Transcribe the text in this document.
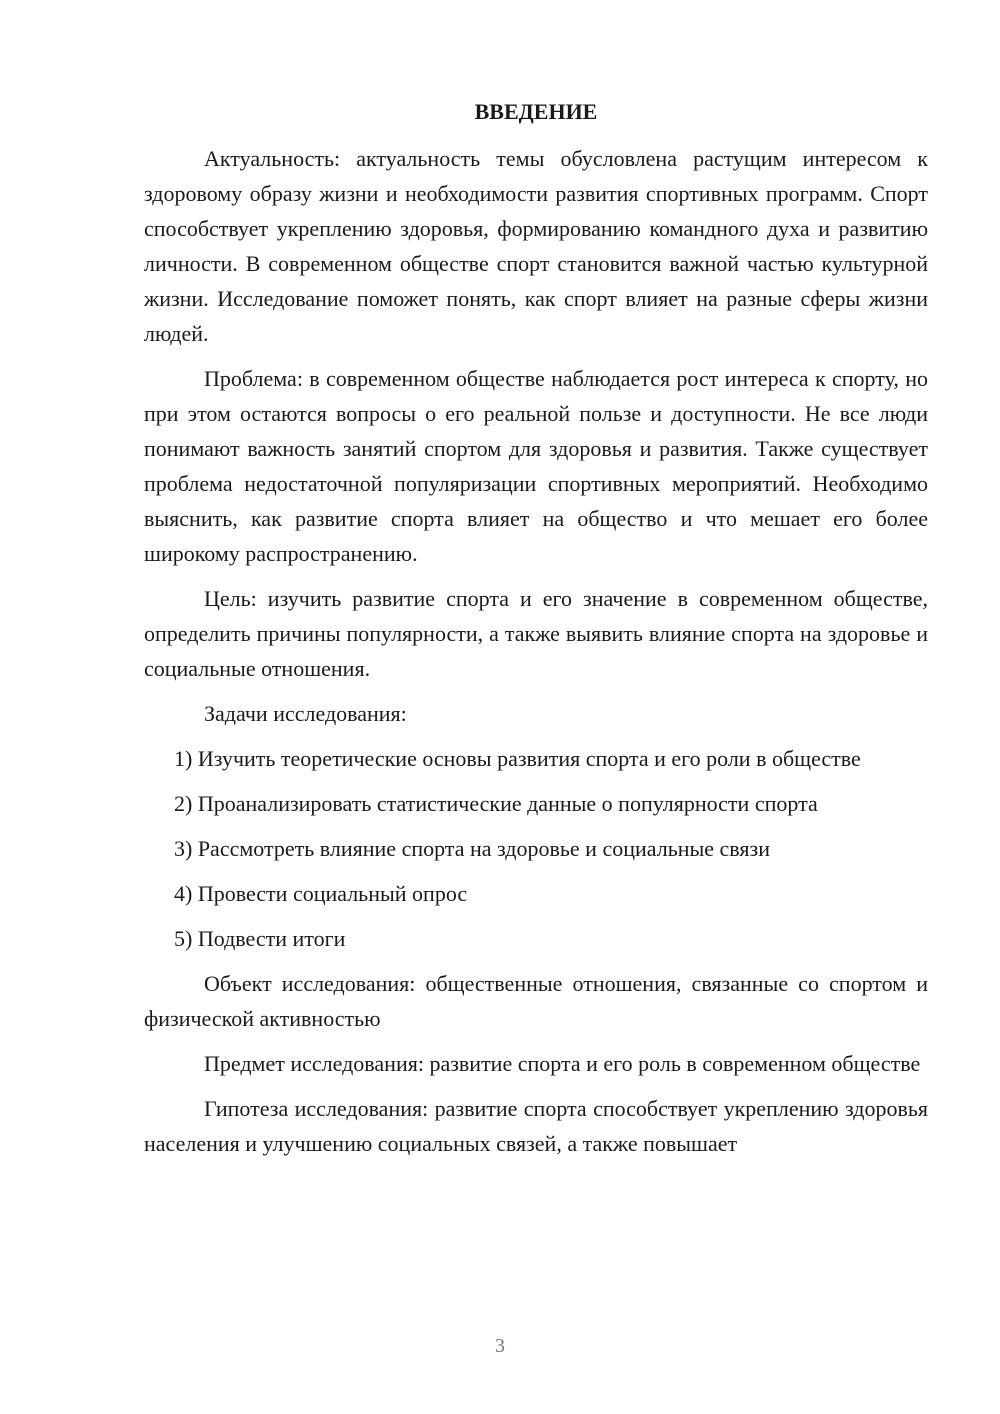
ВВЕДЕНИЕ

Актуальность: актуальность темы обусловлена растущим интересом к здоровому образу жизни и необходимости развития спортивных программ. Спорт способствует укреплению здоровья, формированию командного духа и развитию личности. В современном обществе спорт становится важной частью культурной жизни. Исследование поможет понять, как спорт влияет на разные сферы жизни людей.

Проблема: в современном обществе наблюдается рост интереса к спорту, но при этом остаются вопросы о его реальной пользе и доступности. Не все люди понимают важность занятий спортом для здоровья и развития. Также существует проблема недостаточной популяризации спортивных мероприятий. Необходимо выяснить, как развитие спорта влияет на общество и что мешает его более широкому распространению.

Цель: изучить развитие спорта и его значение в современном обществе, определить причины популярности, а также выявить влияние спорта на здоровье и социальные отношения.

Задачи исследования:

1) Изучить теоретические основы развития спорта и его роли в обществе

2) Проанализировать статистические данные о популярности спорта

3) Рассмотреть влияние спорта на здоровье и социальные связи

4) Провести социальный опрос

5) Подвести итоги

Объект исследования: общественные отношения, связанные со спортом и физической активностью

Предмет исследования: развитие спорта и его роль в современном обществе

Гипотеза исследования: развитие спорта способствует укреплению здоровья населения и улучшению социальных связей, а также повышает

3
